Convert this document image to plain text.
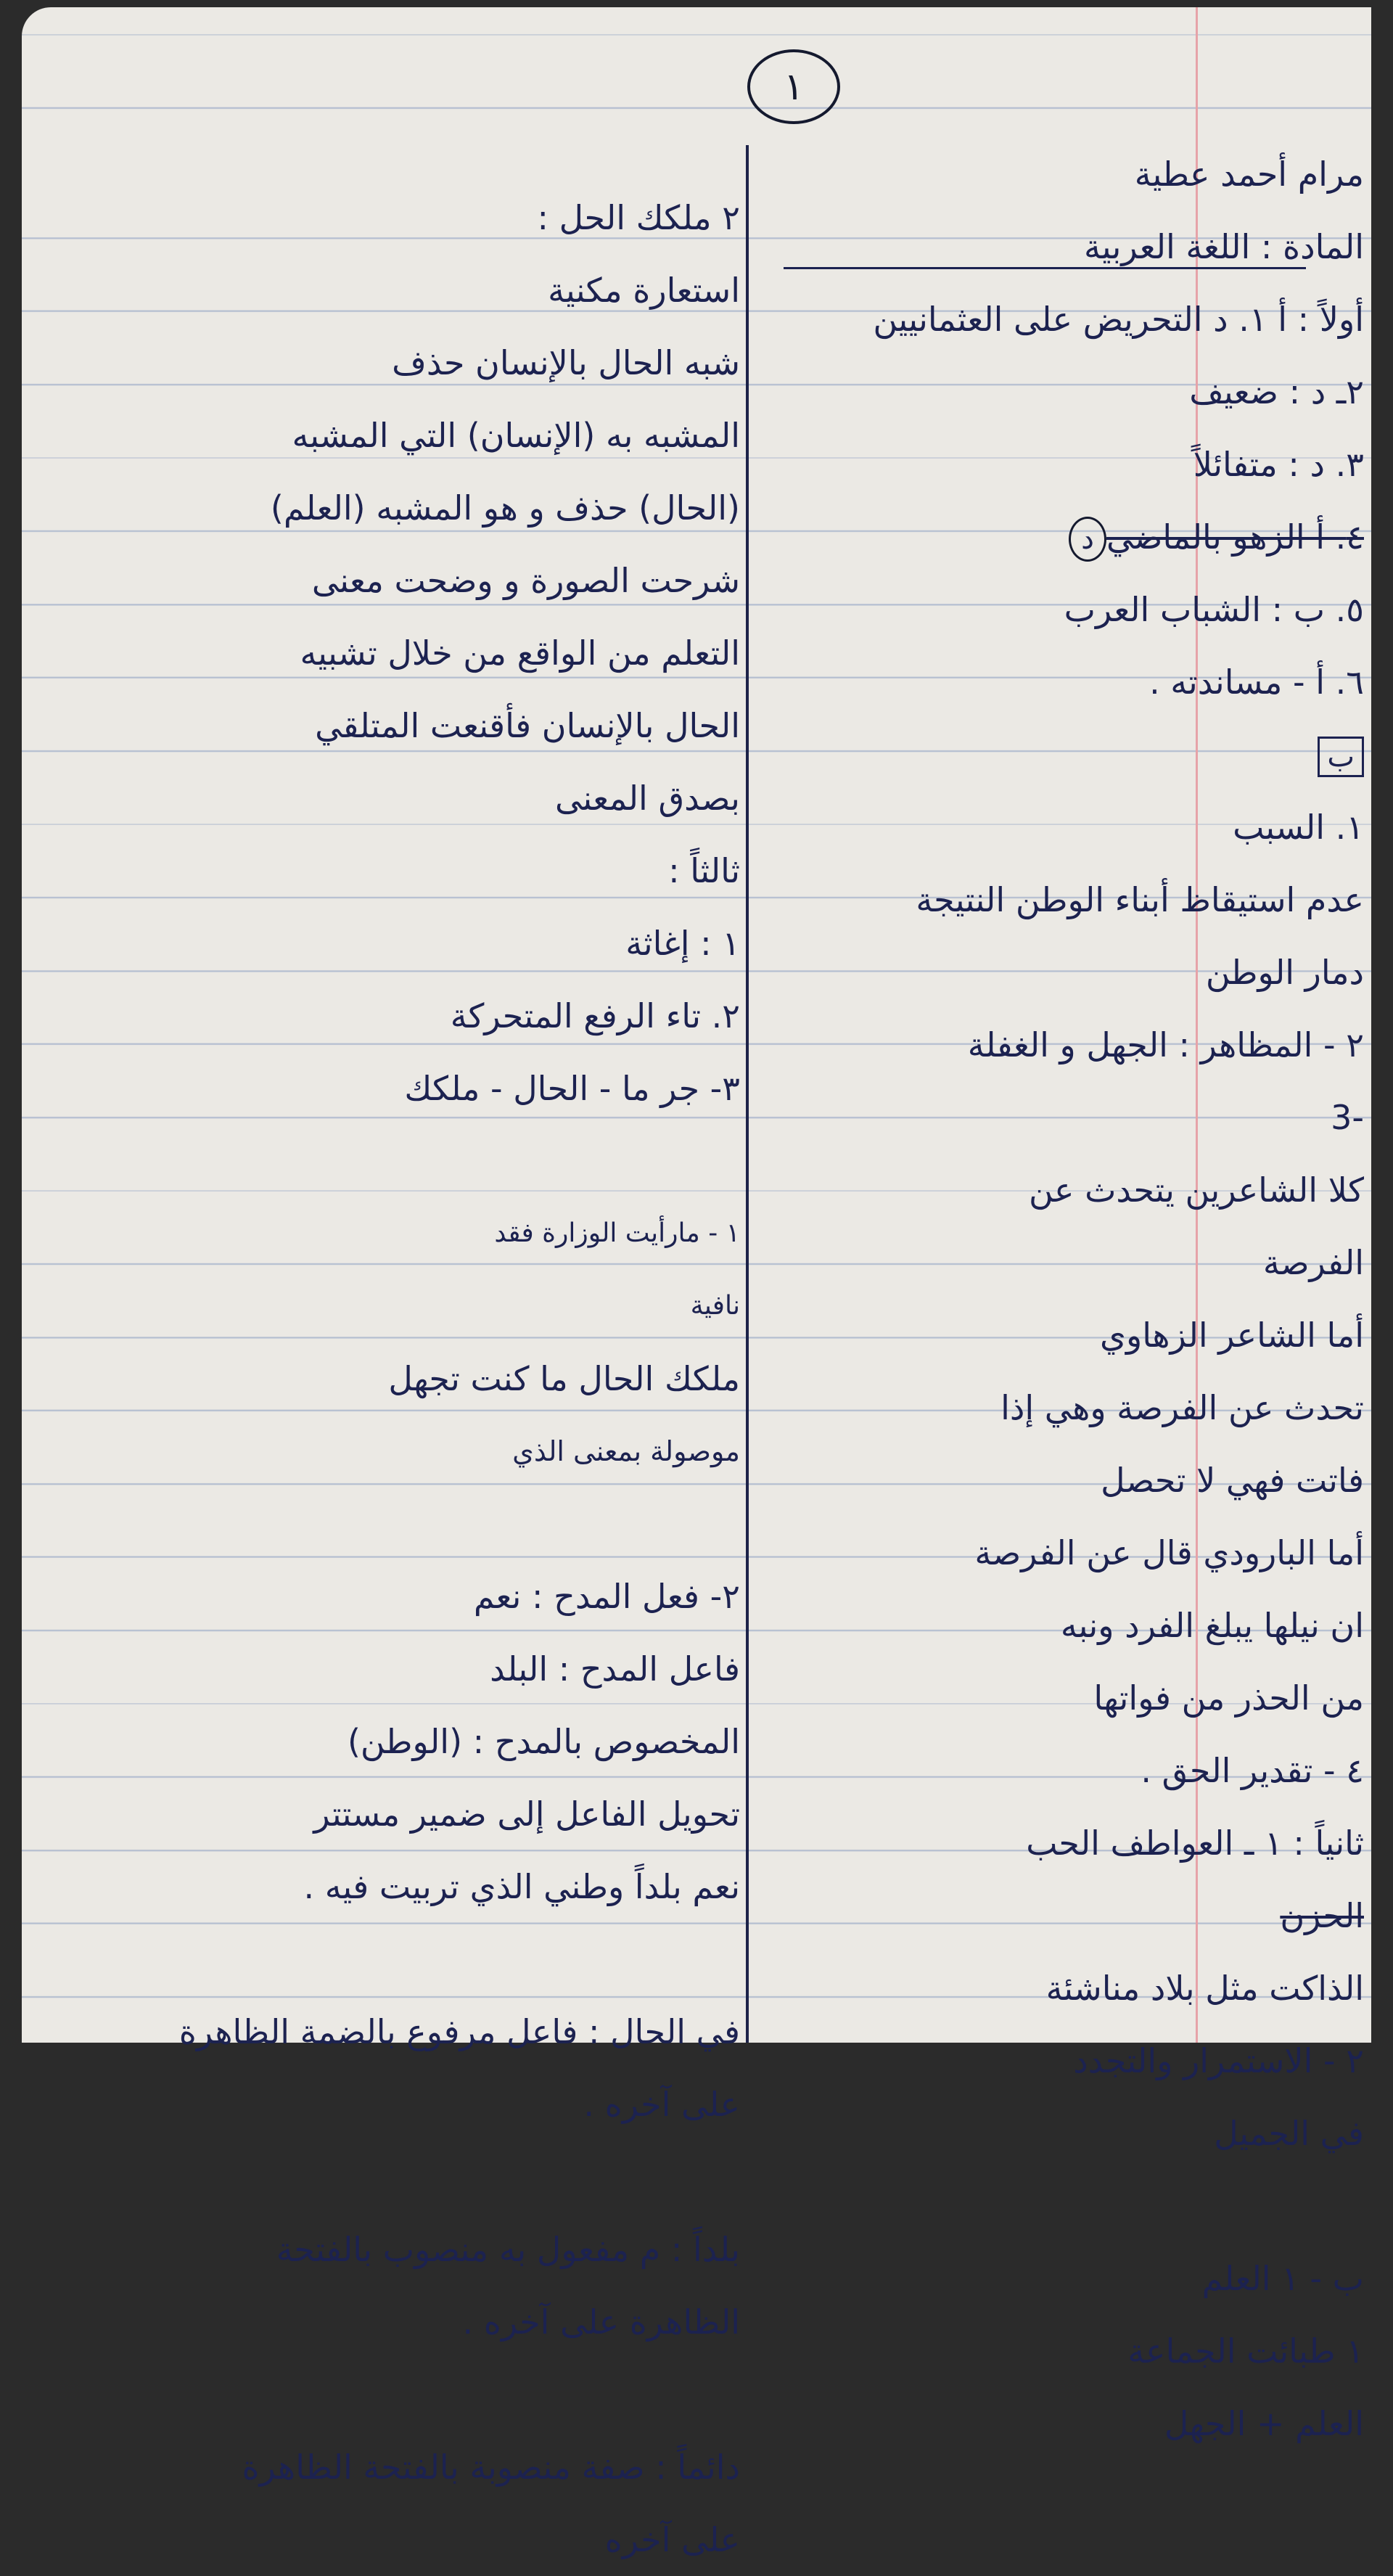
١
مرام أحمد عطية
المادة : اللغة العربية
أولاً : أ ١. د التحريض على العثمانيين
٢ـ د : ضعيف
٣. د : متفائلاً
٤. أ الزهو بالماضيد
٥. ب : الشباب العرب
٦. أ - مساندته .
ب
١. السبب
عدم استيقاظ أبناء الوطن النتيجة
دمار الوطن
٢ - المظاهر : الجهل و الغفلة
-3
كلا الشاعرين يتحدث عن
الفرصة
أما الشاعر الزهاوي
تحدث عن الفرصة وهي إذا
فاتت فهي لا تحصل
أما البارودي قال عن الفرصة
ان نيلها يبلغ الفرد ونبه
من الحذر من فواتها
٤ - تقدير الحق .
ثانياً : ١ ـ العواطف الحب
الحزن
الذاكت مثل بلاد مناشئة
٢ - الاستمرار والتجدد
في الجميل
ب - ١ العلم
١ طبائت الجماعة
العلم + الجهل
٢ ملكك الحل :
استعارة مكنية
شبه الحال بالإنسان حذف
المشبه به (الإنسان) التي المشبه
(الحال) حذف و هو المشبه (العلم)
شرحت الصورة و وضحت معنى
التعلم من الواقع من خلال تشبيه
الحال بالإنسان فأقنعت المتلقي
بصدق المعنى
ثالثاً :
١ : إغاثة
٢. تاء الرفع المتحركة
٣- جر ما - الحال - ملكك
١ - مارأيت الوزارة فقد
نافية
ملكك الحال ما كنت تجهل
موصولة بمعنى الذي
٢- فعل المدح : نعم
فاعل المدح : البلد
المخصوص بالمدح : (الوطن)
تحويل الفاعل إلى ضمير مستتر
نعم بلداً وطني الذي تربيت فيه .
في الحال : فاعل مرفوع بالضمة الظاهرة
على آخره .
بلداً : م مفعول به منصوب بالفتحة
الظاهرة على آخره .
دائماً : صفة منصوبة بالفتحة الظاهرة
على آخره
